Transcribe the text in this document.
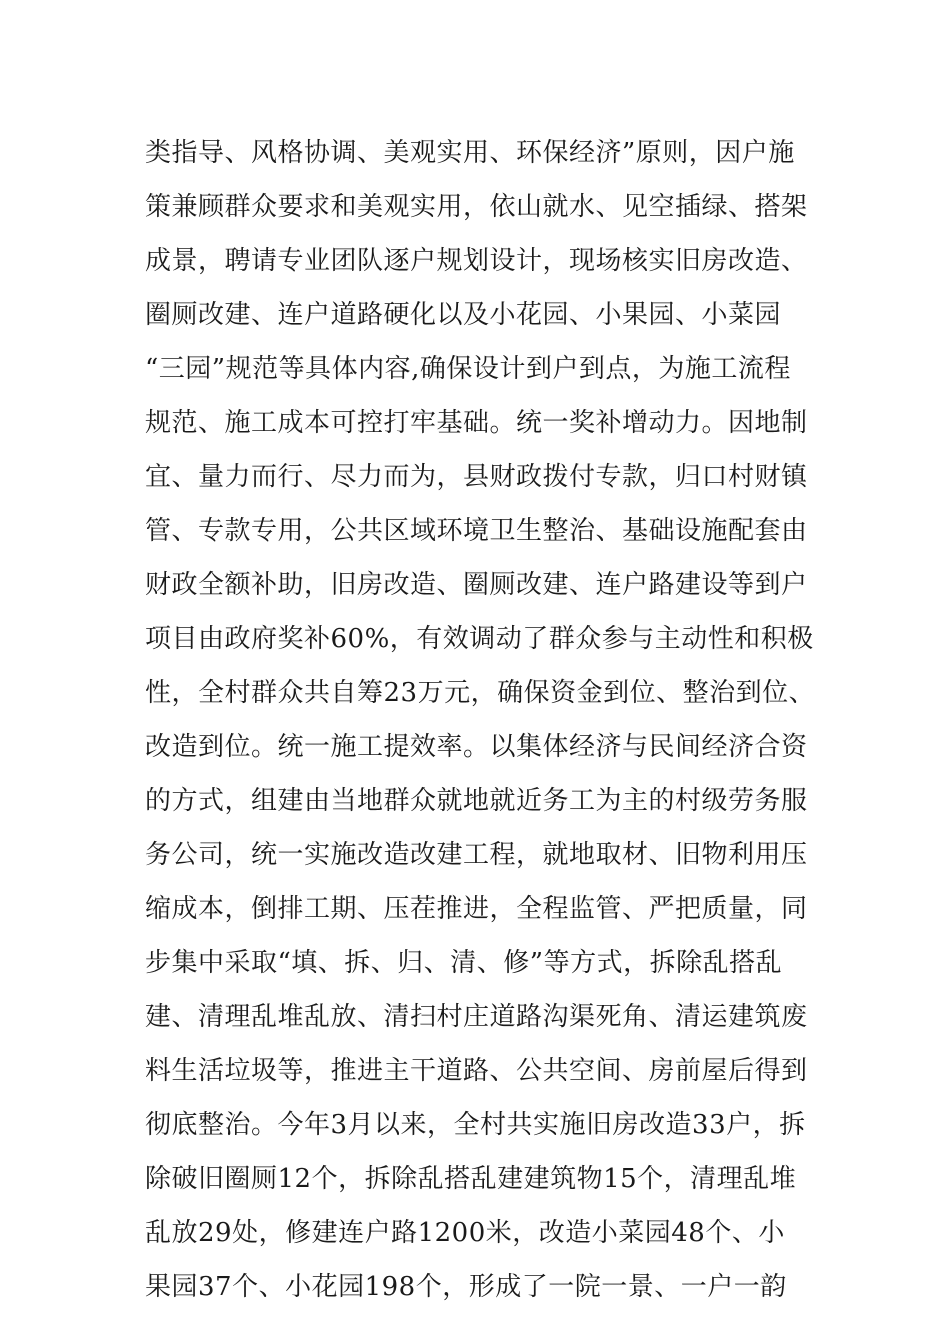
类指导、风格协调、美观实用、环保经济”原则，因户施
策兼顾群众要求和美观实用，依山就水、见空插绿、搭架
成景，聘请专业团队逐户规划设计，现场核实旧房改造、
圈厕改建、连户道路硬化以及小花园、小果园、小菜园
“三园”规范等具体内容,确保设计到户到点，为施工流程
规范、施工成本可控打牢基础。统一奖补增动力。因地制
宜、量力而行、尽力而为，县财政拨付专款，归口村财镇
管、专款专用，公共区域环境卫生整治、基础设施配套由
财政全额补助，旧房改造、圈厕改建、连户路建设等到户
项目由政府奖补60%，有效调动了群众参与主动性和积极
性，全村群众共自筹23万元，确保资金到位、整治到位、
改造到位。统一施工提效率。以集体经济与民间经济合资
的方式，组建由当地群众就地就近务工为主的村级劳务服
务公司，统一实施改造改建工程，就地取材、旧物利用压
缩成本，倒排工期、压茬推进，全程监管、严把质量，同
步集中采取“填、拆、归、清、修”等方式，拆除乱搭乱
建、清理乱堆乱放、清扫村庄道路沟渠死角、清运建筑废
料生活垃圾等，推进主干道路、公共空间、房前屋后得到
彻底整治。今年3月以来，全村共实施旧房改造33户，拆
除破旧圈厕12个，拆除乱搭乱建建筑物15个，清理乱堆
乱放29处，修建连户路1200米，改造小菜园48个、小
果园37个、小花园198个，形成了一院一景、一户一韵
